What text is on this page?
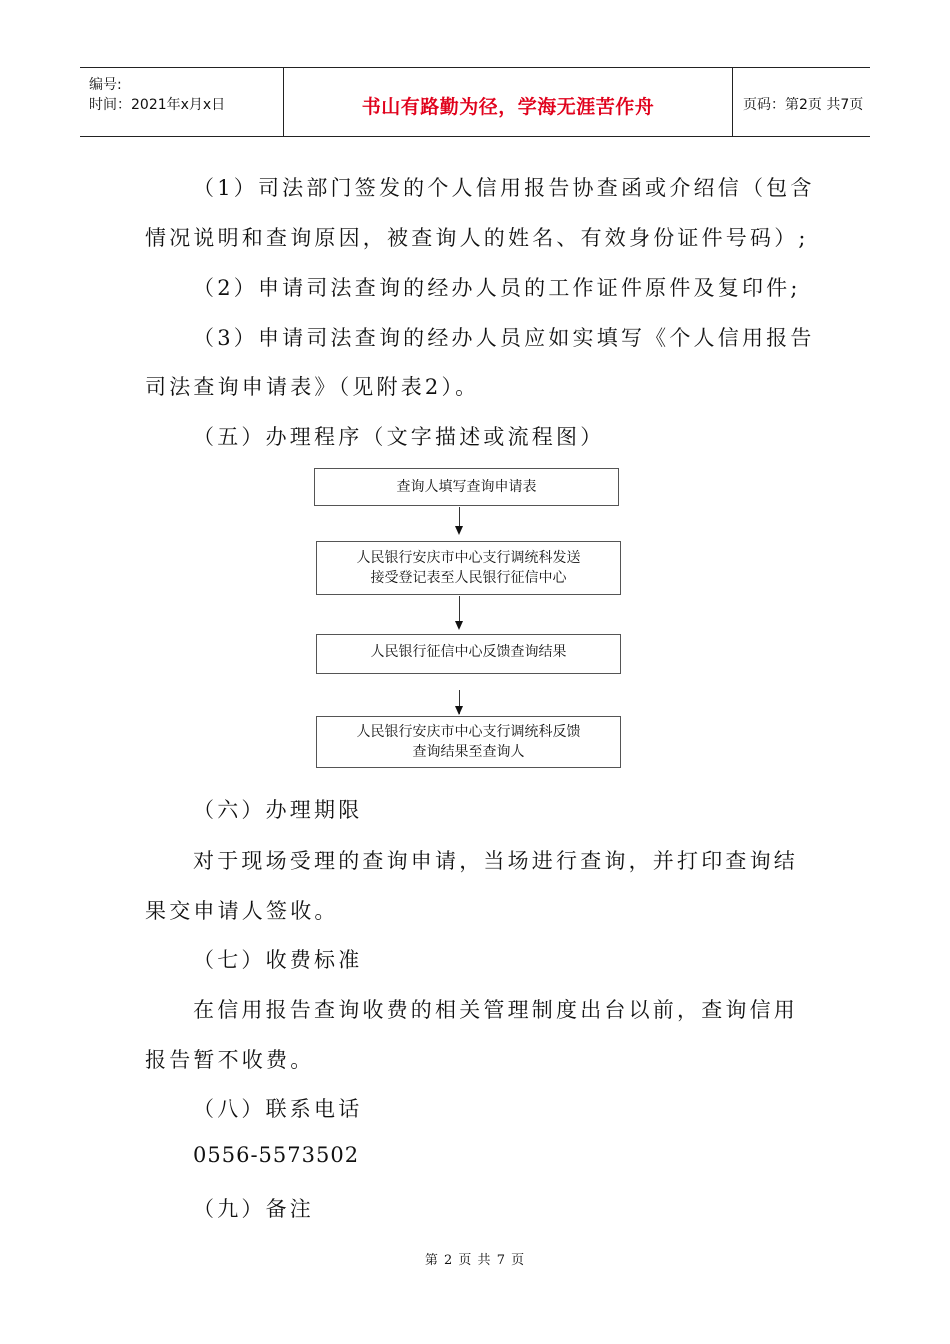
编号:
时间：2021年x月x日	书山有路勤为径，学海无涯苦作舟	页码：第2页 共7页
（1）司法部门签发的个人信用报告协查函或介绍信（包含
情况说明和查询原因，被查询人的姓名、有效身份证件号码）;
（2）申请司法查询的经办人员的工作证件原件及复印件;
（3）申请司法查询的经办人员应如实填写《个人信用报告
司法查询申请表》（见附表2）。
（五）办理程序（文字描述或流程图）
查询人填写查询申请表
人民银行安庆市中心支行调统科发送
接受登记表至人民银行征信中心
人民银行征信中心反馈查询结果
人民银行安庆市中心支行调统科反馈
查询结果至查询人
（六）办理期限
对于现场受理的查询申请，当场进行查询，并打印查询结
果交申请人签收。
（七）收费标准
在信用报告查询收费的相关管理制度出台以前，查询信用
报告暂不收费。
（八）联系电话
0556-5573502
（九）备注
第 2 页 共 7 页
